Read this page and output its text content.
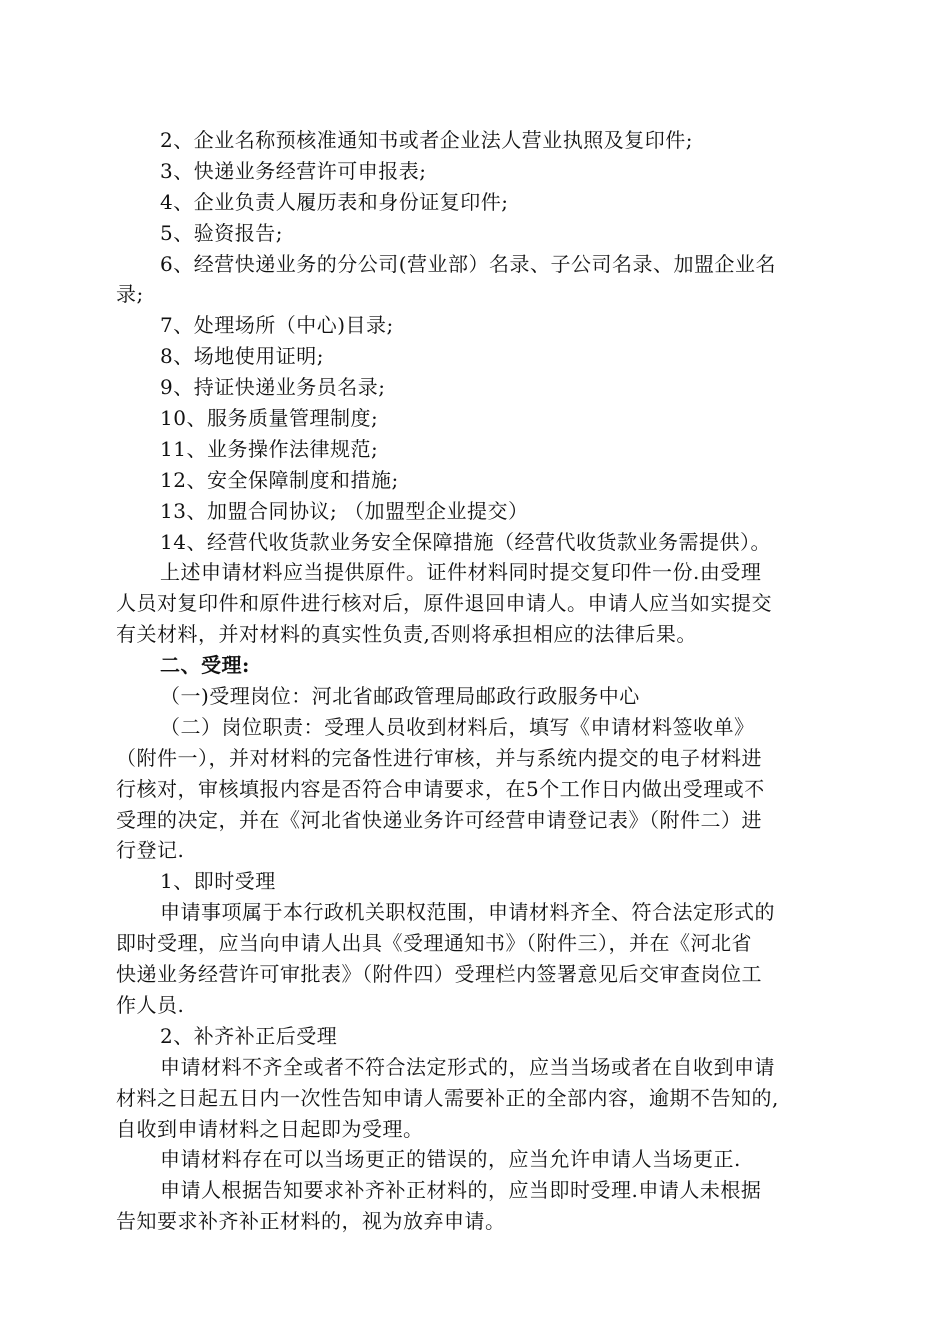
2、企业名称预核准通知书或者企业法人营业执照及复印件;
3、快递业务经营许可申报表;
4、企业负责人履历表和身份证复印件;
5、验资报告;
6、经营快递业务的分公司(营业部）名录、子公司名录、加盟企业名
录;
7、处理场所（中心)目录;
8、场地使用证明;
9、持证快递业务员名录;
10、服务质量管理制度;
11、业务操作法律规范;
12、安全保障制度和措施;
13、加盟合同协议; （加盟型企业提交）
14、经营代收货款业务安全保障措施（经营代收货款业务需提供）。
上述申请材料应当提供原件。证件材料同时提交复印件一份.由受理
人员对复印件和原件进行核对后，原件退回申请人。申请人应当如实提交
有关材料，并对材料的真实性负责,否则将承担相应的法律后果。
二、受理:
（一)受理岗位：河北省邮政管理局邮政行政服务中心
（二）岗位职责：受理人员收到材料后，填写《申请材料签收单》
（附件一），并对材料的完备性进行审核，并与系统内提交的电子材料进
行核对，审核填报内容是否符合申请要求，在5个工作日内做出受理或不
受理的决定，并在《河北省快递业务许可经营申请登记表》（附件二）进
行登记.
1、即时受理
申请事项属于本行政机关职权范围，申请材料齐全、符合法定形式的
即时受理，应当向申请人出具《受理通知书》（附件三），并在《河北省
快递业务经营许可审批表》（附件四）受理栏内签署意见后交审查岗位工
作人员.
2、补齐补正后受理
申请材料不齐全或者不符合法定形式的，应当当场或者在自收到申请
材料之日起五日内一次性告知申请人需要补正的全部内容，逾期不告知的,
自收到申请材料之日起即为受理。
申请材料存在可以当场更正的错误的，应当允许申请人当场更正.
申请人根据告知要求补齐补正材料的，应当即时受理.申请人未根据
告知要求补齐补正材料的，视为放弃申请。
